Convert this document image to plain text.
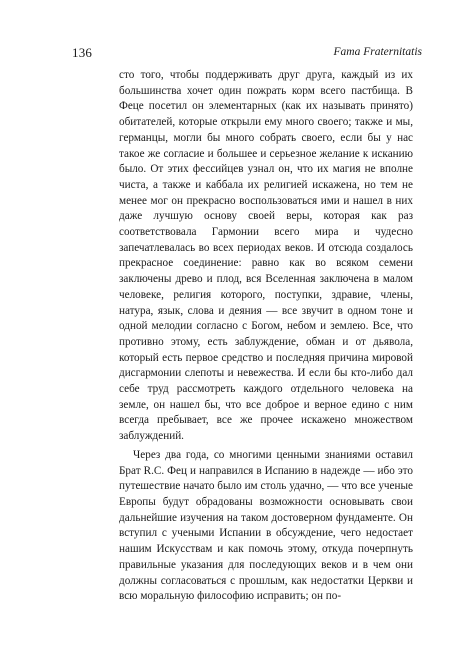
136	Fama Fraternitatis

сто того, чтобы поддерживать друг друга, каждый из их большинства хочет один пожрать корм всего пастбища. В Феце посетил он элементарных (как их называть принято) обитателей, которые открыли ему много своего; также и мы, германцы, могли бы много собрать своего, если бы у нас такое же согласие и большее и серьезное желание к исканию было. От этих фессийцев узнал он, что их магия не вполне чиста, а также и каббала их религией искажена, но тем не менее мог он прекрасно воспользоваться ими и нашел в них даже лучшую основу своей веры, которая как раз соответствовала Гармонии всего мира и чудесно запечатлевалась во всех периодах веков. И отсюда создалось прекрасное соединение: равно как во всяком семени заключены древо и плод, вся Вселенная заключена в малом человеке, религия которого, поступки, здравие, члены, натура, язык, слова и деяния — все звучит в одном тоне и одной мелодии согласно с Богом, небом и землею. Все, что противно этому, есть заблуждение, обман и от дьявола, который есть первое средство и последняя причина мировой дисгармонии слепоты и невежества. И если бы кто-либо дал себе труд рассмотреть каждого отдельного человека на земле, он нашел бы, что все доброе и верное едино с ним всегда пребывает, все же прочее искажено множеством заблуждений.

Через два года, со многими ценными знаниями оставил Брат R.C. Фец и направился в Испанию в надежде — ибо это путешествие начато было им столь удачно, — что все ученые Европы будут обрадованы возможности основывать свои дальнейшие изучения на таком достоверном фундаменте. Он вступил с учеными Испании в обсуждение, чего недостает нашим Искусствам и как помочь этому, откуда почерпнуть правильные указания для последующих веков и в чем они должны согласоваться с прошлым, как недостатки Церкви и всю моральную философию исправить; он по-
